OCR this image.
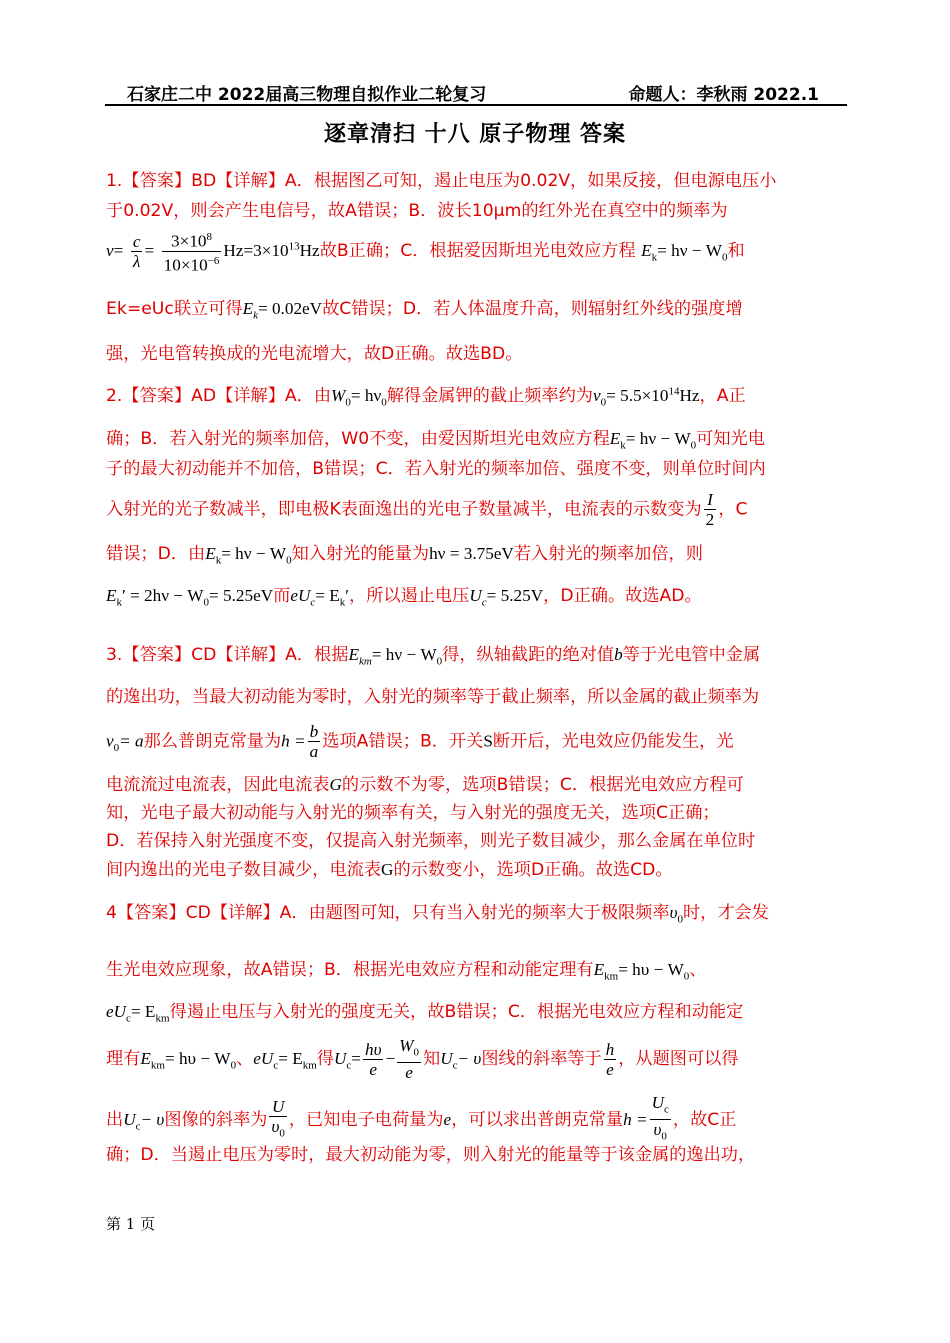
石家庄二中 2022届高三物理自拟作业二轮复习	命题人：李秋雨 2022.1
逐章清扫 十八 原子物理 答案
1.【答案】BD【详解】A．根据图乙可知，遏止电压为0.02V，如果反接，但电源电压小
于0.02V，则会产生电信号，故A错误；B．波长10μm的红外光在真空中的频率为
$\nu= \frac{c}{\lambda} = \frac{3\times 10^8}{10\times 10^{-6}} Hz=3\times 10^{13}Hz$故B正确；C．根据爱因斯坦光电效应方程 $E_k= h\nu - W_0$和
Ek=eUc联立可得$E_k= 0.02eV$故C错误；D．若人体温度升高，则辐射红外线的强度增
强，光电管转换成的光电流增大，故D正确。故选BD。
2.【答案】AD【详解】A．由$W_0= h\nu_0$解得金属钾的截止频率约为$\nu_0= 5.5\times 10^{14}Hz$，A正
确；B．若入射光的频率加倍，W0不变，由爱因斯坦光电效应方程$E_k= h\nu - W_0$可知光电
子的最大初动能并不加倍，B错误；C．若入射光的频率加倍、强度不变，则单位时间内
入射光的光子数减半，即电极K表面逸出的光电子数量减半，电流表的示数变为 $\frac{I}{2}$ ，C
错误；D．由$E_k= h\nu - W_0$知入射光的能量为hν = 3.75eV若入射光的频率加倍，则
$E_k' = 2h\nu - W_0= 5.25eV$而$eU_c= E_k'$，所以遏止电压$U_c= 5.25V$，D正确。故选AD。
3.【答案】CD【详解】A．根据$E_{km}= h\nu - W_0$得，纵轴截距的绝对值b等于光电管中金属
的逸出功，当最大初动能为零时，入射光的频率等于截止频率，所以金属的截止频率为
$\nu_0= a$那么普朗克常量为$h = \frac{b}{a}$ 选项A错误；B．开关S断开后，光电效应仍能发生，光
电流流过电流表，因此电流表G的示数不为零，选项B错误；C．根据光电效应方程可
知，光电子最大初动能与入射光的频率有关，与入射光的强度无关，选项C正确；
D．若保持入射光强度不变，仅提高入射光频率，则光子数目减少，那么金属在单位时
间内逸出的光电子数目减少，电流表G的示数变小，选项D正确。故选CD。
4【答案】CD【详解】A．由题图可知，只有当入射光的频率大于极限频率$\upsilon_0$时，才会发
生光电效应现象，故A错误；B．根据光电效应方程和动能定理有$E_{km}= h\upsilon - W_0$、
$eU_c= E_{km}$得遏止电压与入射光的强度无关，故B错误；C．根据光电效应方程和动能定
理有$E_{km}= h\upsilon - W_0$、$eU_c= E_{km}$得$U_c= \frac{h\upsilon}{e} - \frac{W_0}{e}$ 知$U_c- \upsilon$图线的斜率等于 $\frac{h}{e}$ ，从题图可以得
出$U_c- \upsilon$图像的斜率为 $\frac{U}{\upsilon_0}$ ，已知电子电荷量为e，可以求出普朗克常量$h = \frac{U_c}{\upsilon_0}$ ，故C正
确；D．当遏止电压为零时，最大初动能为零，则入射光的能量等于该金属的逸出功，
第 1 页
